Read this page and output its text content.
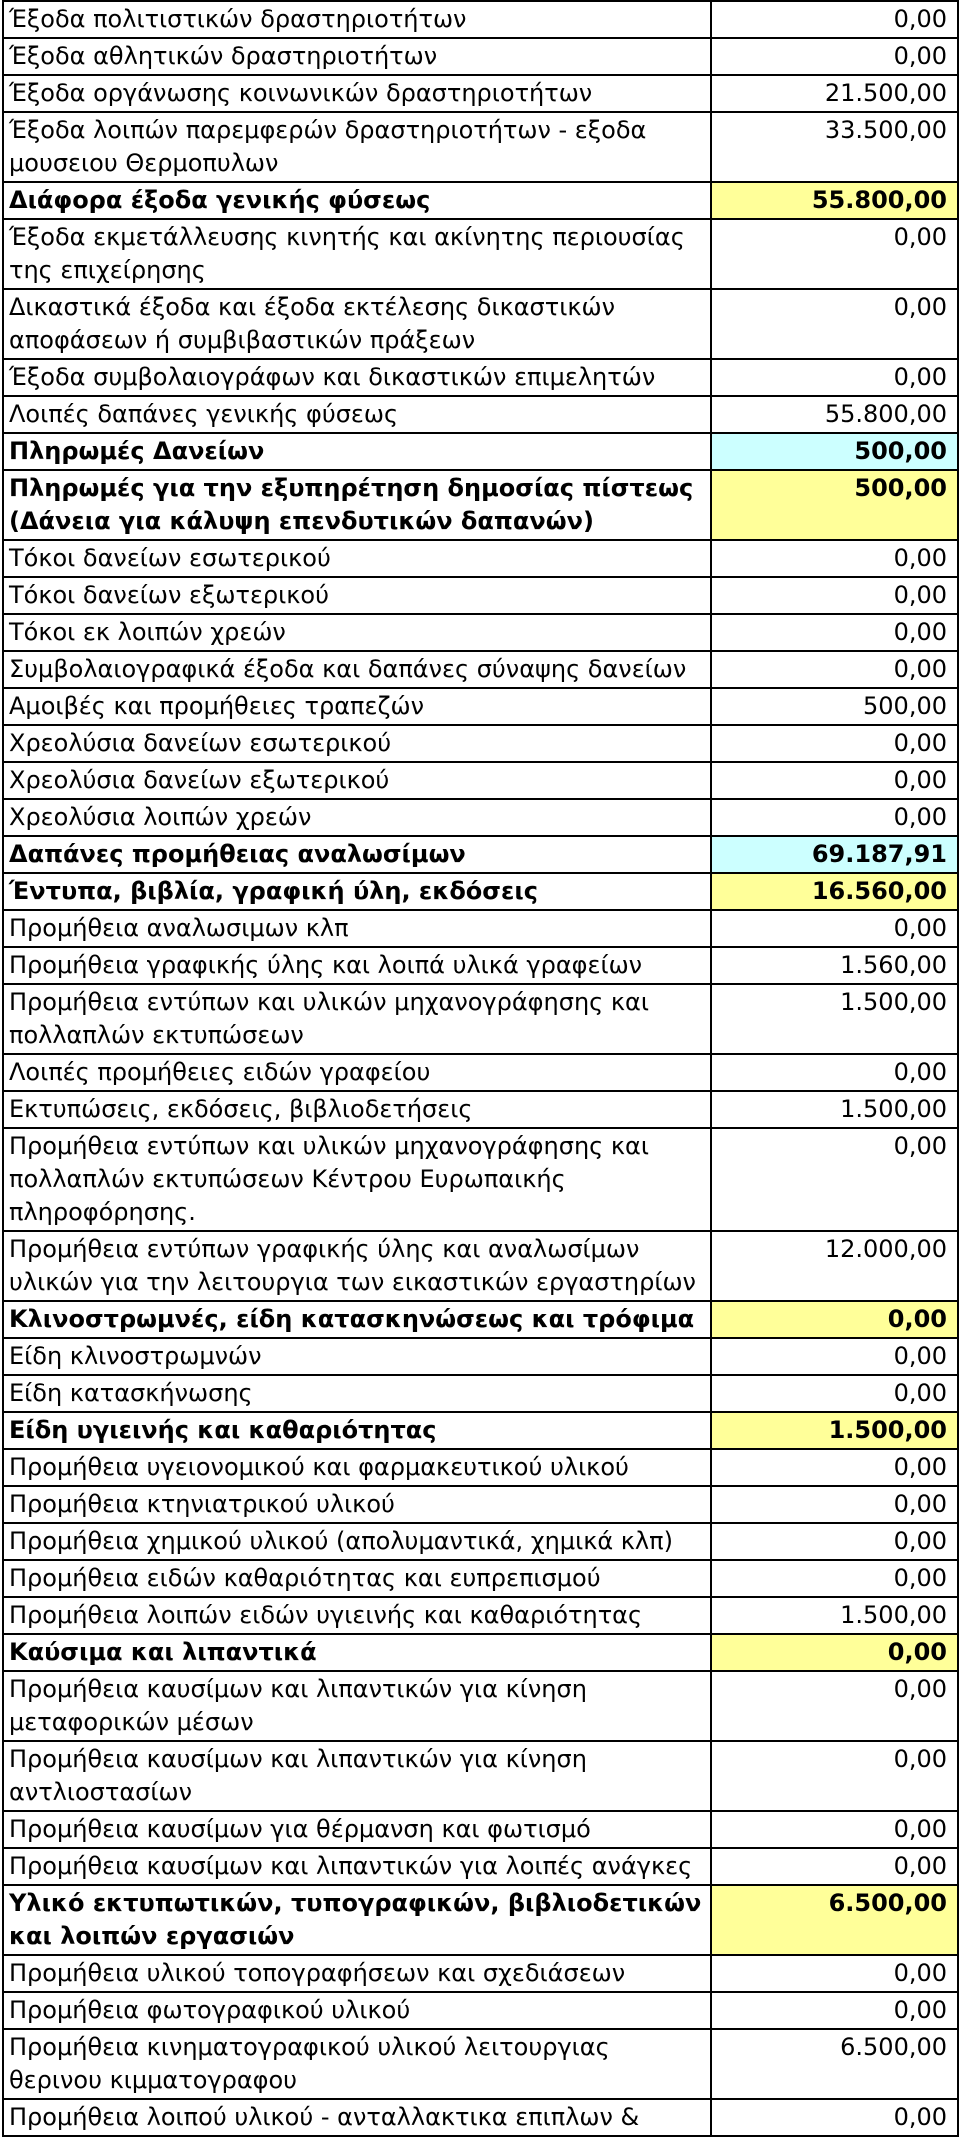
Έξοδα πολιτιστικών δραστηριοτήτων	0,00
Έξοδα αθλητικών δραστηριοτήτων	0,00
Έξοδα οργάνωσης κοινωνικών δραστηριοτήτων	21.500,00
Έξοδα λοιπών παρεμφερών δραστηριοτήτων - εξοδα μουσειου Θερμοπυλων	33.500,00
Διάφορα έξοδα γενικής φύσεως	55.800,00
Έξοδα εκμετάλλευσης κινητής και ακίνητης περιουσίας της επιχείρησης	0,00
Δικαστικά έξοδα και έξοδα εκτέλεσης δικαστικών αποφάσεων ή συμβιβαστικών πράξεων	0,00
Έξοδα συμβολαιογράφων και δικαστικών επιμελητών	0,00
Λοιπές δαπάνες γενικής φύσεως	55.800,00
Πληρωμές Δανείων	500,00
Πληρωμές για την εξυπηρέτηση δημοσίας πίστεως (Δάνεια για κάλυψη επενδυτικών δαπανών)	500,00
Τόκοι δανείων εσωτερικού	0,00
Τόκοι δανείων εξωτερικού	0,00
Τόκοι εκ λοιπών χρεών	0,00
Συμβολαιογραφικά έξοδα και δαπάνες σύναψης δανείων	0,00
Αμοιβές και προμήθειες τραπεζών	500,00
Χρεολύσια δανείων εσωτερικού	0,00
Χρεολύσια δανείων εξωτερικού	0,00
Χρεολύσια λοιπών χρεών	0,00
Δαπάνες προμήθειας αναλωσίμων	69.187,91
Έντυπα, βιβλία, γραφική ύλη, εκδόσεις	16.560,00
Προμήθεια αναλωσιμων κλπ	0,00
Προμήθεια γραφικής ύλης και λοιπά υλικά γραφείων	1.560,00
Προμήθεια εντύπων και υλικών μηχανογράφησης και πολλαπλών εκτυπώσεων	1.500,00
Λοιπές προμήθειες ειδών γραφείου	0,00
Εκτυπώσεις, εκδόσεις, βιβλιοδετήσεις	1.500,00
Προμήθεια εντύπων και υλικών μηχανογράφησης και πολλαπλών εκτυπώσεων Κέντρου Ευρωπαικής πληροφόρησης.	0,00
Προμήθεια εντύπων γραφικής ύλης και αναλωσίμων υλικών για την λειτουργια των εικαστικών εργαστηρίων	12.000,00
Κλινοστρωμνές, είδη κατασκηνώσεως και τρόφιμα	0,00
Είδη κλινοστρωμνών	0,00
Είδη κατασκήνωσης	0,00
Είδη υγιεινής και καθαριότητας	1.500,00
Προμήθεια υγειονομικού και φαρμακευτικού υλικού	0,00
Προμήθεια κτηνιατρικού υλικού	0,00
Προμήθεια χημικού υλικού (απολυμαντικά, χημικά κλπ)	0,00
Προμήθεια ειδών καθαριότητας και ευπρεπισμού	0,00
Προμήθεια λοιπών ειδών υγιεινής και καθαριότητας	1.500,00
Καύσιμα και λιπαντικά	0,00
Προμήθεια καυσίμων και λιπαντικών για κίνηση μεταφορικών μέσων	0,00
Προμήθεια καυσίμων και λιπαντικών για κίνηση αντλιοστασίων	0,00
Προμήθεια καυσίμων για θέρμανση και φωτισμό	0,00
Προμήθεια καυσίμων και λιπαντικών για λοιπές ανάγκες	0,00
Υλικό εκτυπωτικών, τυπογραφικών, βιβλιοδετικών και λοιπών εργασιών	6.500,00
Προμήθεια υλικού τοπογραφήσεων και σχεδιάσεων	0,00
Προμήθεια φωτογραφικού υλικού	0,00
Προμήθεια κινηματογραφικού υλικού λειτουργιας θερινου κιμματογραφου	6.500,00
Προμήθεια λοιπού υλικού - ανταλλακτικα επιπλων &	0,00
